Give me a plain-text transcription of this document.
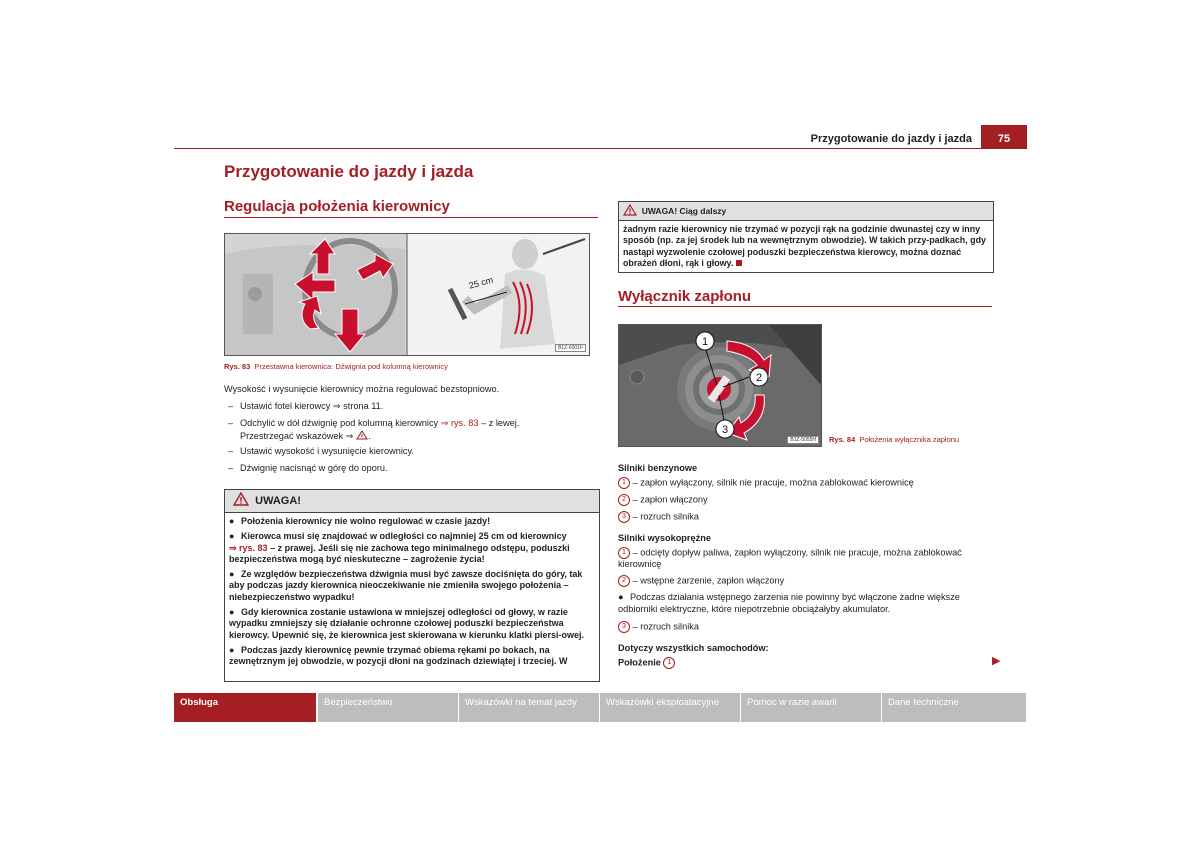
Przygotowanie do jazdy i jazda	75
Przygotowanie do jazdy i jazda
Regulacja położenia kierownicy
25 cm
B1Z-6001F
Rys. 83 Przestawna kierownica: Dźwignia pod kolumną kierownicy
Wysokość i wysunięcie kierownicy można regulować bezstopniowo.
– Ustawić fotel kierowcy ⇒ strona 11.
– Odchylić w dół dźwignię pod kolumną kierownicy ⇒ rys. 83 – z lewej.
Przestrzegać wskazówek ⇒ .
– Ustawić wysokość i wysunięcie kierownicy.
– Dźwignię nacisnąć w górę do oporu.
UWAGA!
● Położenia kierownicy nie wolno regulować w czasie jazdy!
● Kierowca musi się znajdować w odległości co najmniej 25 cm od kierownicy
⇒ rys. 83 – z prawej. Jeśli się nie zachowa tego minimalnego odstępu, poduszki bezpieczeństwa mogą być nieskuteczne – zagrożenie życia!
● Ze względów bezpieczeństwa dźwignia musi być zawsze dociśnięta do góry, tak aby podczas jazdy kierownica nieoczekiwanie nie zmieniła swojego położenia – niebezpieczeństwo wypadku!
● Gdy kierownica zostanie ustawiona w mniejszej odległości od głowy, w razie wypadku zmniejszy się działanie ochronne czołowej poduszki bezpieczeństwa kierowcy. Upewnić się, że kierownica jest skierowana w kierunku klatki piersi-owej.
● Podczas jazdy kierownicę pewnie trzymać obiema rękami po bokach, na zewnętrznym jej obwodzie, w pozycji dłoni na godzinach dziewiątej i trzeciej. W
UWAGA! Ciąg dalszy
żadnym razie kierownicy nie trzymać w pozycji rąk na godzinie dwunastej czy w inny sposób (np. za jej środek lub na wewnętrznym obwodzie). W takich przy-padkach, gdy nastąpi wyzwolenie czołowej poduszki bezpieczeństwa kierowcy, można doznać obrażeń dłoni, rąk i głowy.
Wyłącznik zapłonu
1
2
3
B1Z-5055H	Rys. 84 Położenia wyłącznika zapłonu
Silniki benzynowe
1 – zapłon wyłączony, silnik nie pracuje, można zablokować kierownicę
2 – zapłon włączony
3 – rozruch silnika
Silniki wysokoprężne
1 – odcięty dopływ paliwa, zapłon wyłączony, silnik nie pracuje, można zablokować kierownicę
2 – wstępne żarzenie, zapłon włączony
● Podczas działania wstępnego żarzenia nie powinny być włączone żadne większe odbiorniki elektryczne, które niepotrzebnie obciążałyby akumulator.
3 – rozruch silnika
Dotyczy wszystkich samochodów:
Położenie 1	▶
Obsługa	Bezpieczeństwo	Wskazówki na temat jazdy	Wskazówki eksploatacyjne	Pomoc w razie awarii	Dane techniczne
